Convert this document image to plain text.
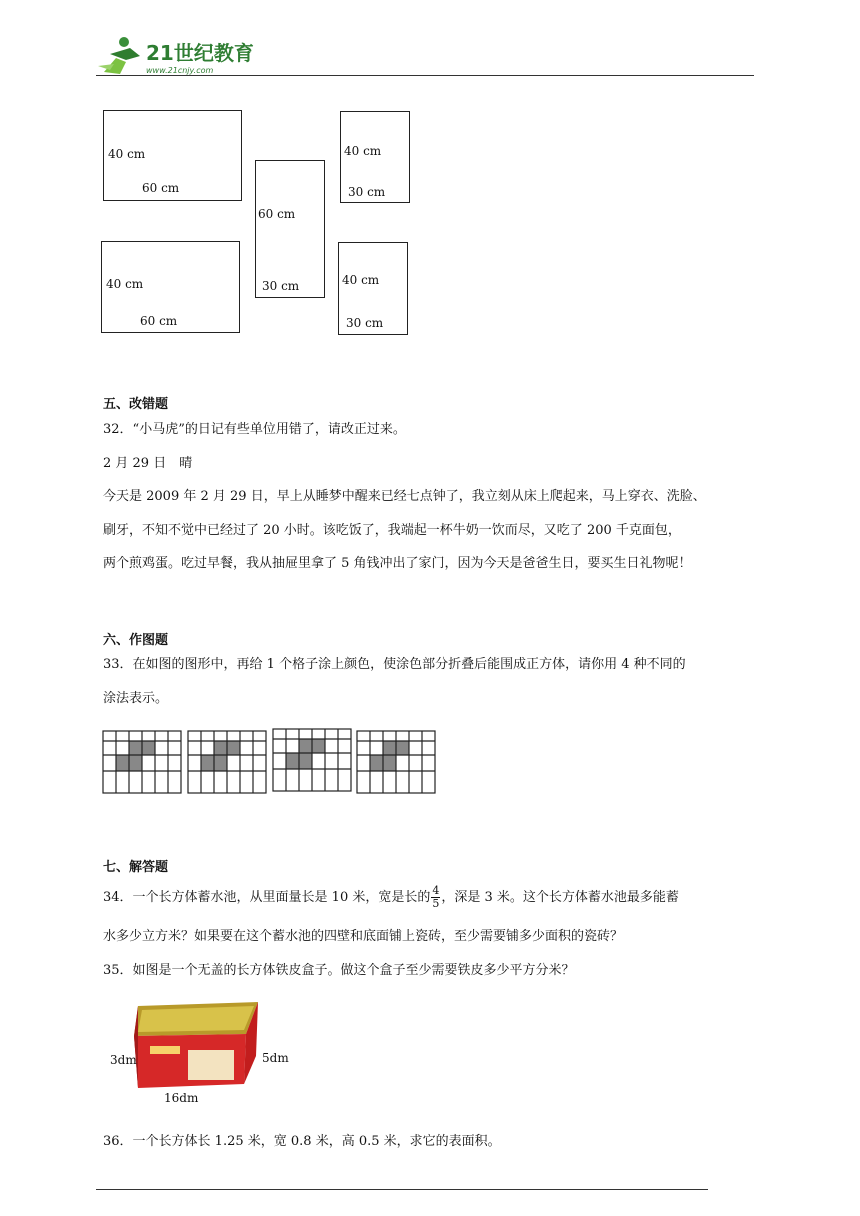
21世纪教育
www.21cnjy.com
40 cm
60 cm
40 cm
60 cm
60 cm
30 cm
40 cm
30 cm
40 cm
30 cm
五、改错题
32．“小马虎”的日记有些单位用错了，请改正过来。
2 月 29 日　晴
今天是 2009 年 2 月 29 日，早上从睡梦中醒来已经七点钟了，我立刻从床上爬起来，马上穿衣、洗脸、
刷牙，不知不觉中已经过了 20 小时。该吃饭了，我端起一杯牛奶一饮而尽，又吃了 200 千克面包，
两个煎鸡蛋。吃过早餐，我从抽屉里拿了 5 角钱冲出了家门，因为今天是爸爸生日，要买生日礼物呢！
六、作图题
33．在如图的图形中，再给 1 个格子涂上颜色，使涂色部分折叠后能围成正方体，请你用 4 种不同的
涂法表示。
七、解答题
34．一个长方体蓄水池，从里面量长是 10 米，宽是长的 $\frac{4}{5}$ ，深是 3 米。这个长方体蓄水池最多能蓄
水多少立方米？如果要在这个蓄水池的四壁和底面铺上瓷砖，至少需要铺多少面积的瓷砖？
35．如图是一个无盖的长方体铁皮盒子。做这个盒子至少需要铁皮多少平方分米？
3dm	5dm
16dm
36．一个长方体长 1.25 米，宽 0.8 米，高 0.5 米，求它的表面积。
